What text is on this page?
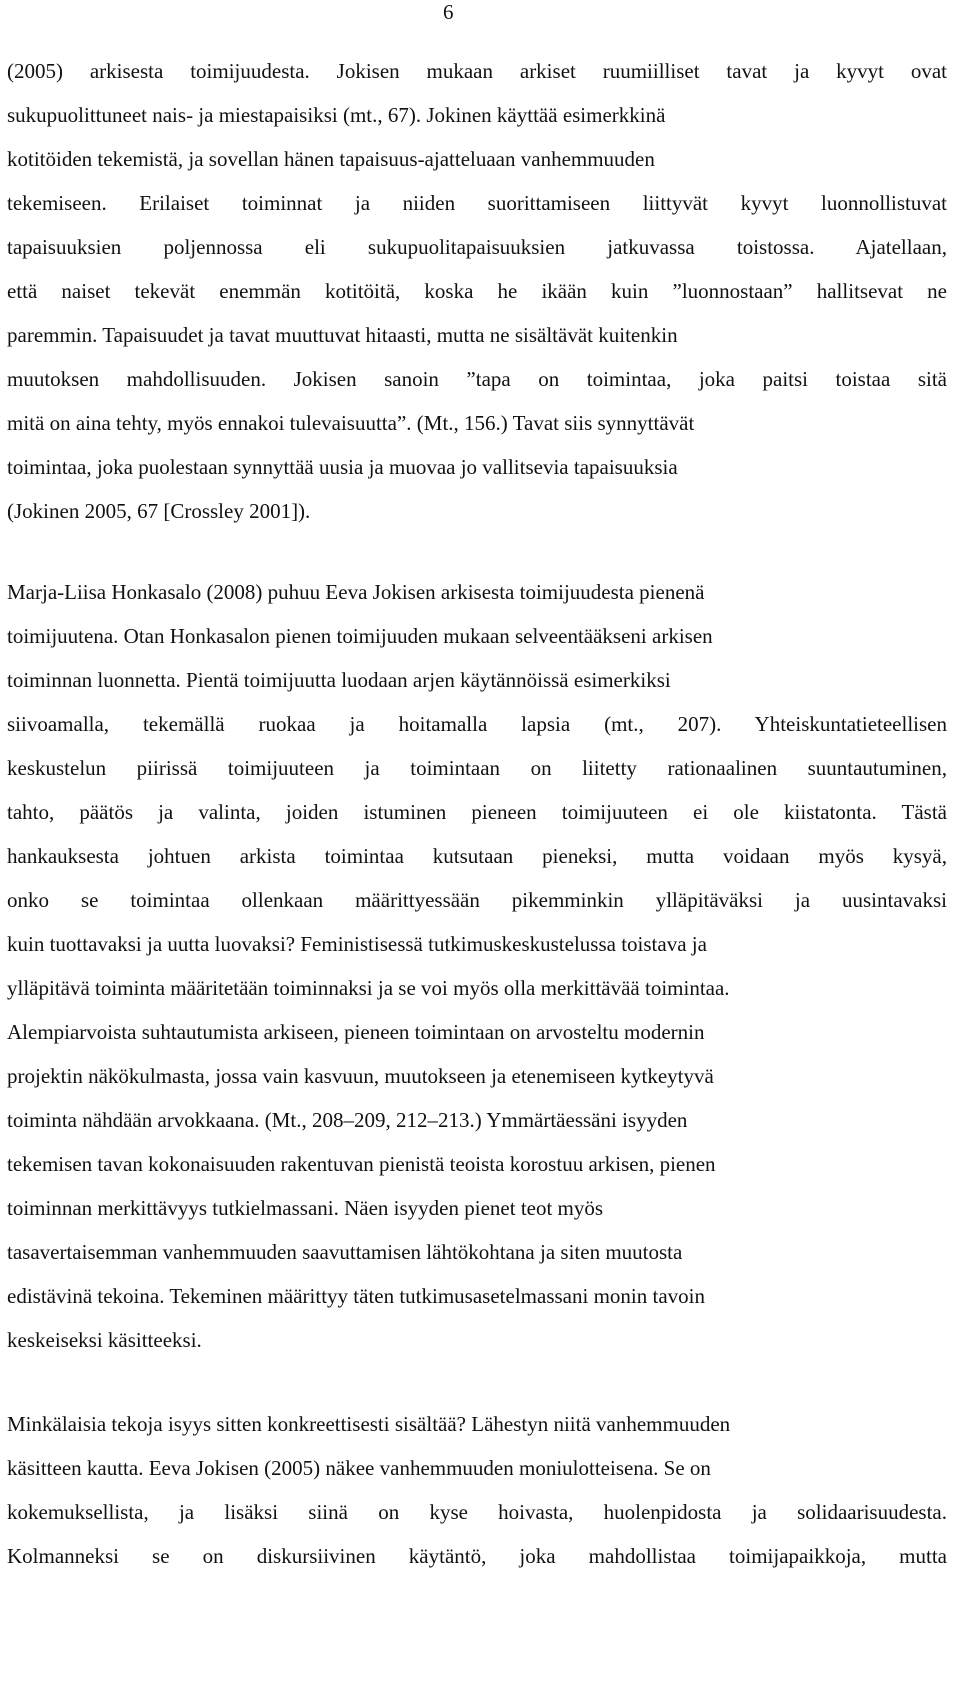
6
(2005) arkisesta toimijuudesta. Jokisen mukaan arkiset ruumiilliset tavat ja kyvyt ovat
sukupuolittuneet nais- ja miestapaisiksi (mt., 67). Jokinen käyttää esimerkkinä
kotitöiden tekemistä, ja sovellan hänen tapaisuus-ajatteluaan vanhemmuuden
tekemiseen. Erilaiset toiminnat ja niiden suorittamiseen liittyvät kyvyt luonnollistuvat
tapaisuuksien poljennossa eli sukupuolitapaisuuksien jatkuvassa toistossa. Ajatellaan,
että naiset tekevät enemmän kotitöitä, koska he ikään kuin ”luonnostaan” hallitsevat ne
paremmin. Tapaisuudet ja tavat muuttuvat hitaasti, mutta ne sisältävät kuitenkin
muutoksen mahdollisuuden. Jokisen sanoin ”tapa on toimintaa, joka paitsi toistaa sitä
mitä on aina tehty, myös ennakoi tulevaisuutta”. (Mt., 156.) Tavat siis synnyttävät
toimintaa, joka puolestaan synnyttää uusia ja muovaa jo vallitsevia tapaisuuksia
(Jokinen 2005, 67 [Crossley 2001]).
Marja-Liisa Honkasalo (2008) puhuu Eeva Jokisen arkisesta toimijuudesta pienenä
toimijuutena. Otan Honkasalon pienen toimijuuden mukaan selveentääkseni arkisen
toiminnan luonnetta. Pientä toimijuutta luodaan arjen käytännöissä esimerkiksi
siivoamalla, tekemällä ruokaa ja hoitamalla lapsia (mt., 207). Yhteiskuntatieteellisen
keskustelun piirissä toimijuuteen ja toimintaan on liitetty rationaalinen suuntautuminen,
tahto, päätös ja valinta, joiden istuminen pieneen toimijuuteen ei ole kiistatonta. Tästä
hankauksesta johtuen arkista toimintaa kutsutaan pieneksi, mutta voidaan myös kysyä,
onko se toimintaa ollenkaan määrittyessään pikemminkin ylläpitäväksi ja uusintavaksi
kuin tuottavaksi ja uutta luovaksi? Feministisessä tutkimuskeskustelussa toistava ja
ylläpitävä toiminta määritetään toiminnaksi ja se voi myös olla merkittävää toimintaa.
Alempiarvoista suhtautumista arkiseen, pieneen toimintaan on arvosteltu modernin
projektin näkökulmasta, jossa vain kasvuun, muutokseen ja etenemiseen kytkeytyvä
toiminta nähdään arvokkaana. (Mt., 208–209, 212–213.) Ymmärtäessäni isyyden
tekemisen tavan kokonaisuuden rakentuvan pienistä teoista korostuu arkisen, pienen
toiminnan merkittävyys tutkielmassani. Näen isyyden pienet teot myös
tasavertaisemman vanhemmuuden saavuttamisen lähtökohtana ja siten muutosta
edistävinä tekoina. Tekeminen määrittyy täten tutkimusasetelmassani monin tavoin
keskeiseksi käsitteeksi.
Minkälaisia tekoja isyys sitten konkreettisesti sisältää? Lähestyn niitä vanhemmuuden
käsitteen kautta. Eeva Jokisen (2005) näkee vanhemmuuden moniulotteisena. Se on
kokemuksellista, ja lisäksi siinä on kyse hoivasta, huolenpidosta ja solidaarisuudesta.
Kolmanneksi se on diskursiivinen käytäntö, joka mahdollistaa toimijapaikkoja, mutta
